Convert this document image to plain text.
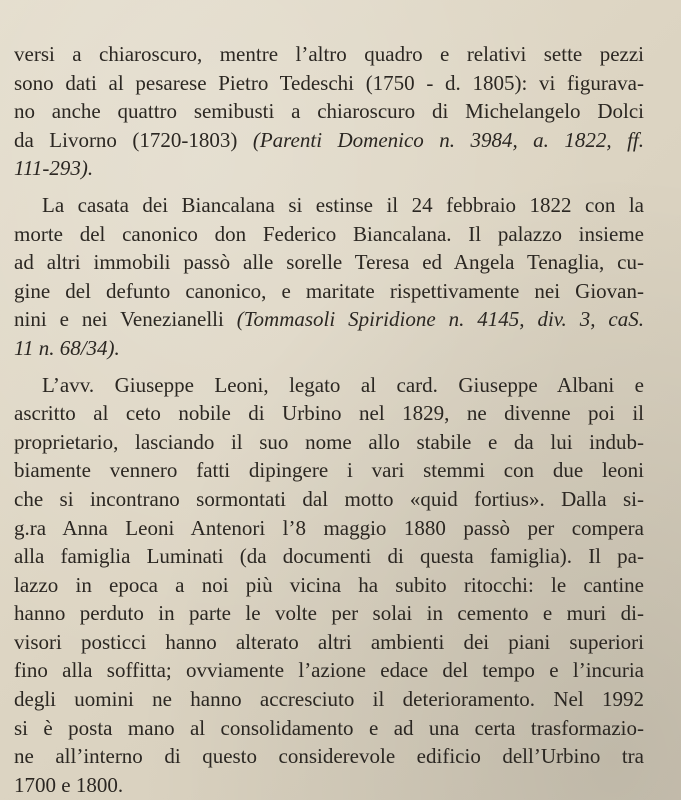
versi a chiaroscuro, mentre l’altro quadro e relativi sette pezzi
sono dati al pesarese Pietro Tedeschi (1750 - d. 1805): vi figurava-
no anche quattro semibusti a chiaroscuro di Michelangelo Dolci
da Livorno (1720-1803) (Parenti Domenico n. 3984, a. 1822, ff.
111-293).
La casata dei Biancalana si estinse il 24 febbraio 1822 con la
morte del canonico don Federico Biancalana. Il palazzo insieme
ad altri immobili passò alle sorelle Teresa ed Angela Tenaglia, cu-
gine del defunto canonico, e maritate rispettivamente nei Giovan-
nini e nei Venezianelli (Tommasoli Spiridione n. 4145, div. 3, caS.
11 n. 68/34).
L’avv. Giuseppe Leoni, legato al card. Giuseppe Albani e
ascritto al ceto nobile di Urbino nel 1829, ne divenne poi il
proprietario, lasciando il suo nome allo stabile e da lui indub-
biamente vennero fatti dipingere i vari stemmi con due leoni
che si incontrano sormontati dal motto «quid fortius». Dalla si-
g.ra Anna Leoni Antenori l’8 maggio 1880 passò per compera
alla famiglia Luminati (da documenti di questa famiglia). Il pa-
lazzo in epoca a noi più vicina ha subito ritocchi: le cantine
hanno perduto in parte le volte per solai in cemento e muri di-
visori posticci hanno alterato altri ambienti dei piani superiori
fino alla soffitta; ovviamente l’azione edace del tempo e l’incuria
degli uomini ne hanno accresciuto il deterioramento. Nel 1992
si è posta mano al consolidamento e ad una certa trasformazio-
ne all’interno di questo considerevole edificio dell’Urbino tra
1700 e 1800.
